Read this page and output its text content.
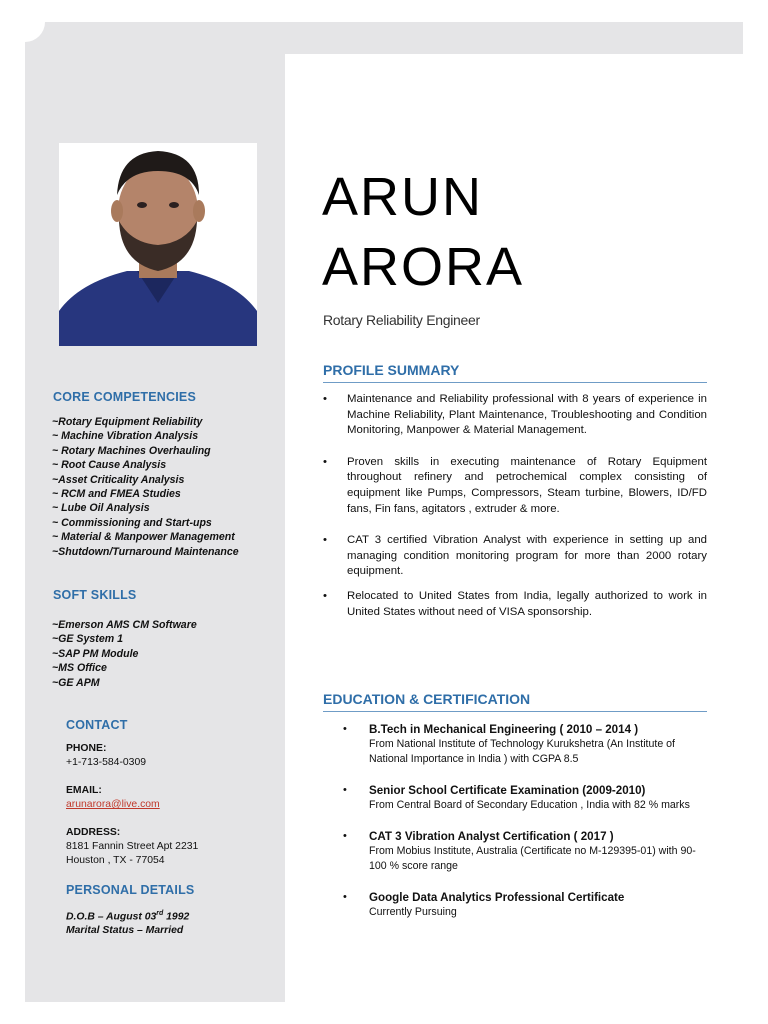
CORE COMPETENCIES
~Rotary Equipment Reliability
~ Machine Vibration Analysis
~ Rotary Machines Overhauling
~ Root Cause Analysis
~Asset Criticality Analysis
~ RCM and FMEA Studies
~ Lube Oil Analysis
~ Commissioning and Start-ups
~ Material & Manpower Management
~Shutdown/Turnaround Maintenance
SOFT SKILLS
~Emerson AMS CM Software
~GE System 1
~SAP PM Module
~MS Office
~GE APM
CONTACT
PHONE:
+1-713-584-0309
EMAIL:
arunarora@live.com
ADDRESS:
8181 Fannin Street Apt 2231
Houston , TX - 77054
PERSONAL DETAILS
D.O.B – August 03rd 1992
Marital Status – Married
ARUN
ARORA
Rotary Reliability Engineer
PROFILE SUMMARY
• Maintenance and Reliability professional with 8 years of experience in Machine Reliability, Plant Maintenance, Troubleshooting and Condition Monitoring, Manpower & Material Management.
• Proven skills in executing maintenance of Rotary Equipment throughout refinery and petrochemical complex consisting of equipment like Pumps, Compressors, Steam turbine, Blowers, ID/FD fans, Fin fans, agitators , extruder & more.
• CAT 3 certified Vibration Analyst with experience in setting up and managing condition monitoring program for more than 2000 rotary equipment.
• Relocated to United States from India, legally authorized to work in United States without need of VISA sponsorship.
EDUCATION & CERTIFICATION
• B.Tech in Mechanical Engineering ( 2010 – 2014 )
From National Institute of Technology Kurukshetra (An Institute of National Importance in India ) with CGPA 8.5
• Senior School Certificate Examination (2009-2010)
From Central Board of Secondary Education , India with 82 % marks
• CAT 3 Vibration Analyst Certification ( 2017 )
From Mobius Institute, Australia (Certificate no M-129395-01) with 90-100 % score range
• Google Data Analytics Professional Certificate
Currently Pursuing
